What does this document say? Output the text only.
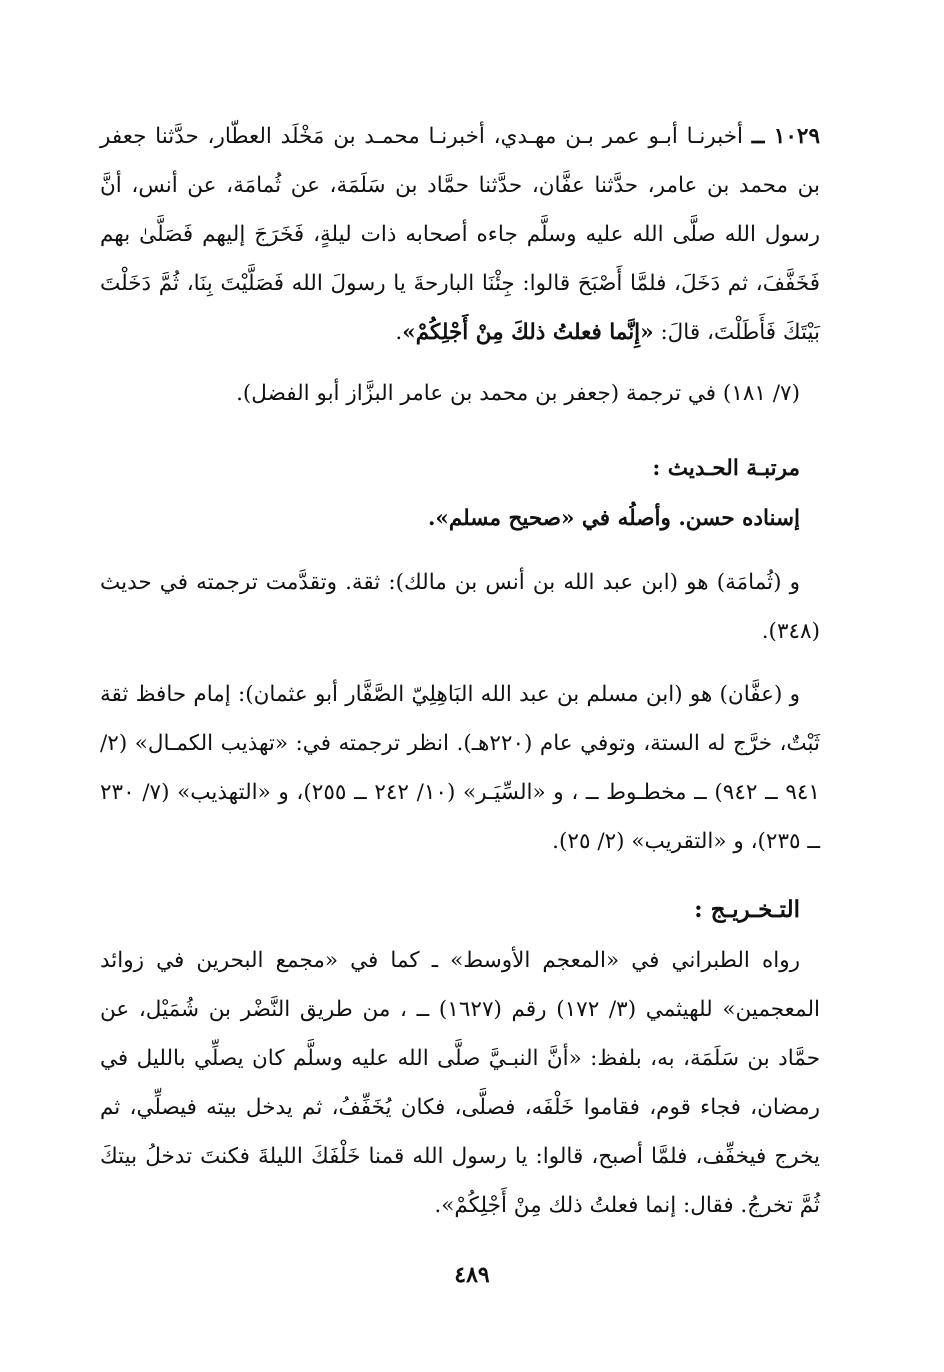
١٠٢٩ ــ أخبرنـا أبـو عمر بـن مهـدي، أخبرنـا محمـد بن مَخْلَد العطّار، حدَّثنا جعفر بن محمد بن عامر، حدَّثنا عفَّان، حدَّثنا حمَّاد بن سَلَمَة، عن ثُمامَة، عن أنس، أنَّ رسول الله صلَّى الله عليه وسلَّم جاءه أصحابه ذات ليلةٍ، فَخَرَجَ إليهم فَصَلَّىٰ بهم فَخَفَّفَ، ثم دَخَلَ، فلمَّا أَصْبَحَ قالوا: جِئْنَا البارحةَ يا رسولَ الله فَصَلَّيْتَ بِنَا، ثُمَّ دَخَلْتَ بَيْتَكَ فَأَطَلْتَ، قالَ: «إِنَّما فعلتُ ذلكَ مِنْ أَجْلِكُمْ».

(٧/ ١٨١) في ترجمة (جعفر بن محمد بن عامر البزَّاز أبو الفضل).

مرتبـة الحـديث :

إسناده حسن. وأصلُه في «صحيح مسلم».

و (ثُمامَة) هو (ابن عبد الله بن أنس بن مالك): ثقة. وتقدَّمت ترجمته في حديث (٣٤٨).

و (عفَّان) هو (ابن مسلم بن عبد الله البَاهِلِيّ الصَّفَّار أبو عثمان): إمام حافظ ثقة ثَبْتٌ، خرَّج له الستة، وتوفي عام (٢٢٠هـ). انظر ترجمته في: «تهذيب الكمـال» (٢/ ٩٤١ ــ ٩٤٢) ــ مخطـوط ــ ، و «السِّيَـر» (١٠/ ٢٤٢ ــ ٢٥٥)، و «التهذيب» (٧/ ٢٣٠ ــ ٢٣٥)، و «التقريب» (٢/ ٢٥).

التـخـريـج :

رواه الطبراني في «المعجم الأوسط» ـ كما في «مجمع البحرين في زوائد المعجمين» للهيثمي (٣/ ١٧٢) رقم (١٦٢٧) ــ ، من طريق النَّضْر بن شُمَيْل، عن حمَّاد بن سَلَمَة، به، بلفظ: «أنَّ النبـيَّ صلَّى الله عليه وسلَّم كان يصلِّي بالليل في رمضان، فجاء قوم، فقاموا خَلْفَه، فصلَّى، فكان يُخَفِّفُ، ثم يدخل بيته فيصلِّي، ثم يخرج فيخفِّف، فلمَّا أصبح، قالوا: يا رسول الله قمنا خَلْفَكَ الليلةَ فكنتَ تدخلُ بيتكَ ثُمَّ تخرجُ. فقال: إنما فعلتُ ذلك مِنْ أَجْلِكُمْ».

٤٨٩
